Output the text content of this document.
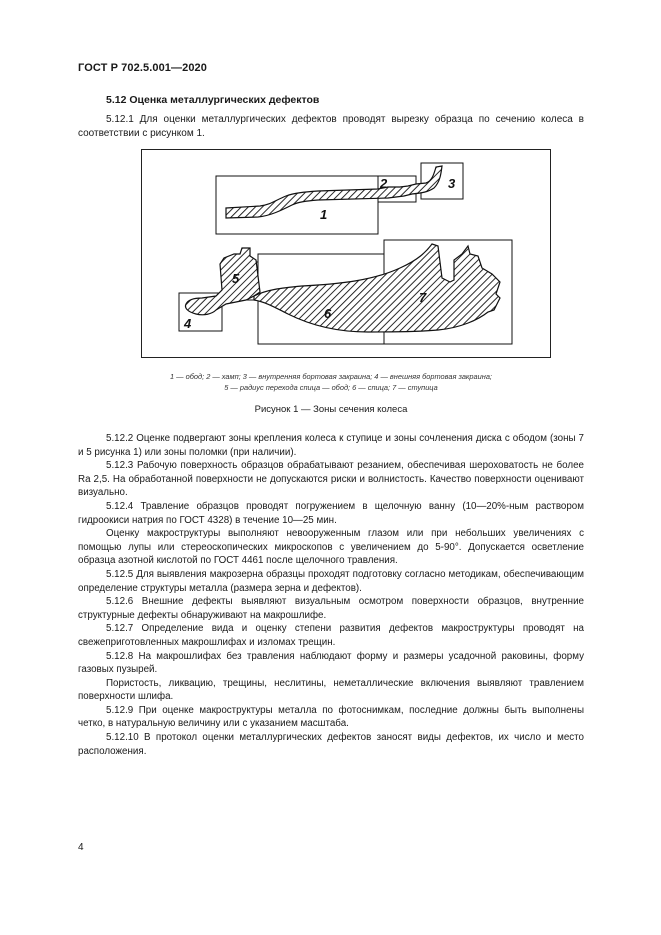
ГОСТ Р 702.5.001—2020
5.12 Оценка металлургических дефектов

5.12.1 Для оценки металлургических дефектов проводят вырезку образца по сечению колеса в соответствии с рисунком 1.

1
2	3
4
5
6
7
1 — обод; 2 — хамп; 3 — внутренняя бортовая закраина; 4 — внешняя бортовая закраина;
5 — радиус перехода спица — обод; 6 — спица; 7 — ступица
Рисунок 1 — Зоны сечения колеса

5.12.2 Оценке подвергают зоны крепления колеса к ступице и зоны сочленения диска с ободом (зоны 7 и 5 рисунка 1) или зоны поломки (при наличии).

5.12.3 Рабочую поверхность образцов обрабатывают резанием, обеспечивая шероховатость не более Ra 2,5. На обработанной поверхности не допускаются риски и волнистость. Качество поверхности оценивают визуально.

5.12.4 Травление образцов проводят погружением в щелочную ванну (10—20%-ным раствором гидроокиси натрия по ГОСТ 4328) в течение 10—25 мин.

Оценку макроструктуры выполняют невооруженным глазом или при небольших увеличениях с помощью лупы или стереоскопических микроскопов с увеличением до 5-90°. Допускается осветление образца азотной кислотой по ГОСТ 4461 после щелочного травления.

5.12.5 Для выявления макрозерна образцы проходят подготовку согласно методикам, обеспечивающим определение структуры металла (размера зерна и дефектов).

5.12.6 Внешние дефекты выявляют визуальным осмотром поверхности образцов, внутренние структурные дефекты обнаруживают на макрошлифе.

5.12.7 Определение вида и оценку степени развития дефектов макроструктуры проводят на свежеприготовленных макрошлифах и изломах трещин.

5.12.8 На макрошлифах без травления наблюдают форму и размеры усадочной раковины, форму газовых пузырей.

Пористость, ликвацию, трещины, неслитины, неметаллические включения выявляют травлением поверхности шлифа.

5.12.9 При оценке макроструктуры металла по фотоснимкам, последние должны быть выполнены четко, в натуральную величину или с указанием масштаба.

5.12.10 В протокол оценки металлургических дефектов заносят виды дефектов, их число и место расположения.

4
